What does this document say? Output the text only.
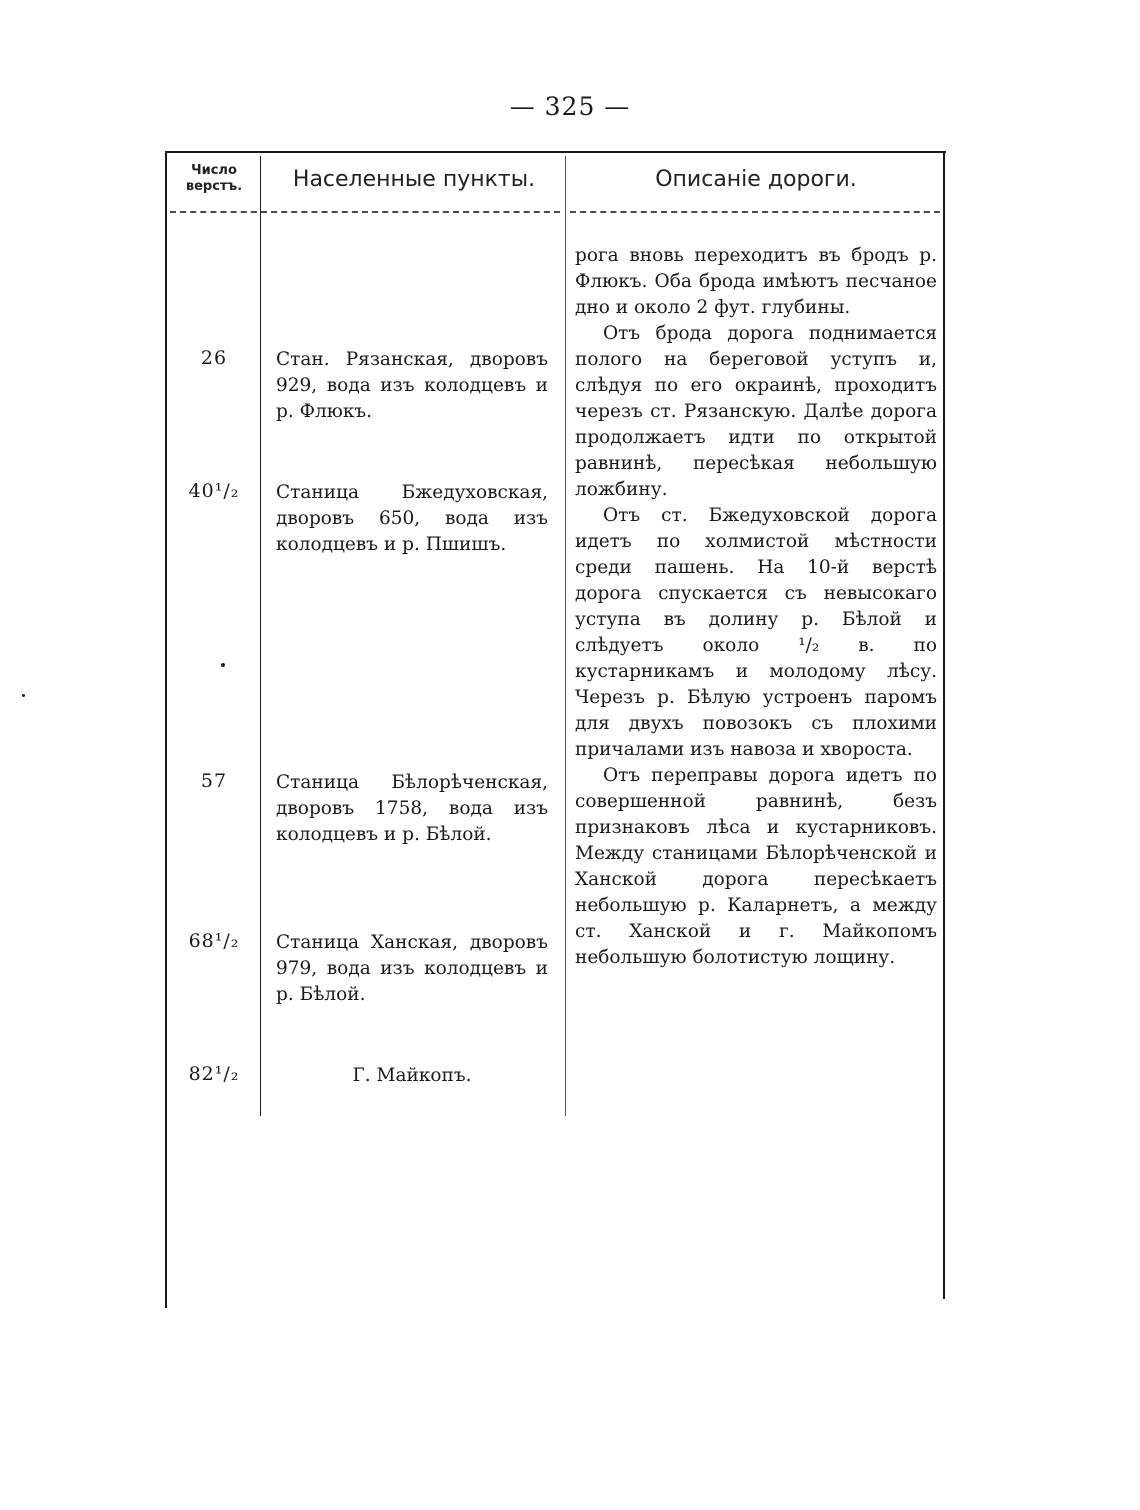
— 325 —
Число верстъ.	Населенные пункты.	Описаніе дороги.
26	Стан. Рязанская, дворовъ 929, вода изъ колодцевъ и р. Флюкъ.
40¹/₂	Станица Бжедуховская, дворовъ 650, вода изъ колодцевъ и р. Пшишъ.
57	Станица Бѣлорѣченская, дворовъ 1758, вода изъ колодцевъ и р. Бѣлой.
68¹/₂	Станица Ханская, дворовъ 979, вода изъ колодцевъ и р. Бѣлой.
82¹/₂	Г. Майкопъ.

рога вновь переходитъ въ бродъ р. Флюкъ. Оба брода имѣютъ песчаное дно и около 2 фут. глубины.

Отъ брода дорога поднимается полого на береговой уступъ и, слѣдуя по его окраинѣ, проходитъ черезъ ст. Рязанскую. Далѣе дорога продолжаетъ идти по открытой равнинѣ, пересѣкая небольшую ложбину.

Отъ ст. Бжедуховской дорога идетъ по холмистой мѣстности среди пашень. На 10-й верстѣ дорога спускается съ невысокаго уступа въ долину р. Бѣлой и слѣдуетъ около ¹/₂ в. по кустарникамъ и молодому лѣсу. Черезъ р. Бѣлую устроенъ паромъ для двухъ повозокъ съ плохими причалами изъ навоза и хвороста.

Отъ переправы дорога идетъ по совершенной равнинѣ, безъ признаковъ лѣса и кустарниковъ. Между станицами Бѣлорѣченской и Ханской дорога пересѣкаетъ небольшую р. Каларнетъ, а между ст. Ханской и г. Майкопомъ небольшую болотистую лощину.
